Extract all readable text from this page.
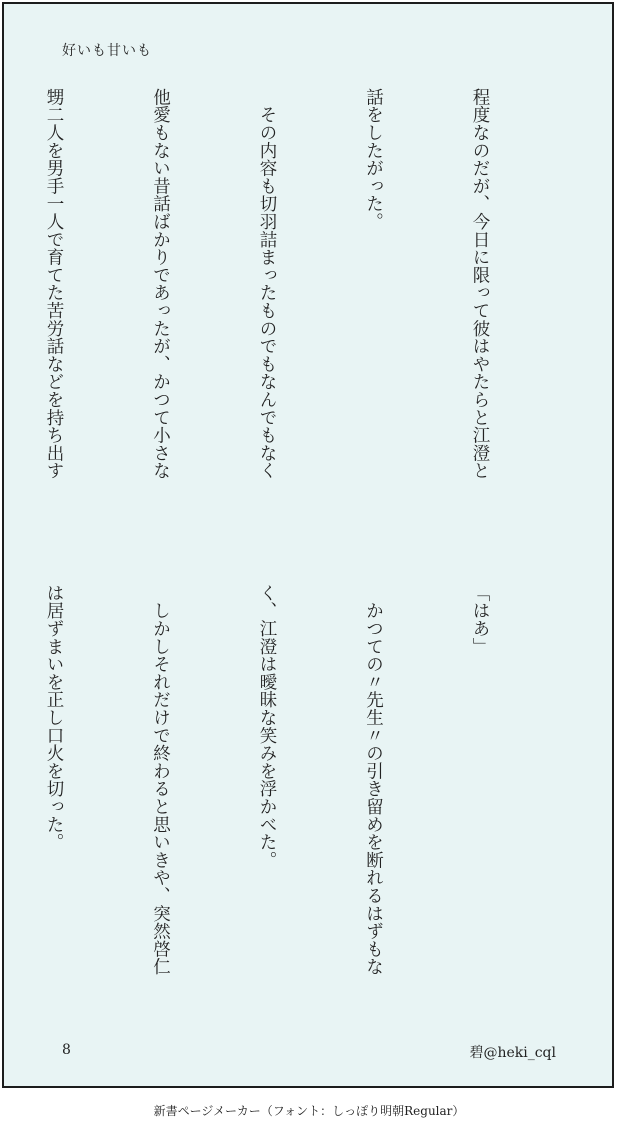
好いも甘いも

程度なのだが、今日に限って彼はやたらと江澄と

話をしたがった。

　その内容も切羽詰まったものでもなんでもなく

他愛もない昔話ばかりであったが、かつて小さな

甥二人を男手一人で育てた苦労話などを持ち出す

「はあ」

　かつての〃先生〃の引き留めを断れるはずもな

く、江澄は曖昧な笑みを浮かべた。

　しかしそれだけで終わると思いきや、突然啓仁

は居ずまいを正し口火を切った。

8	碧@heki_cql
新書ページメーカー（フォント：しっぽり明朝Regular）
